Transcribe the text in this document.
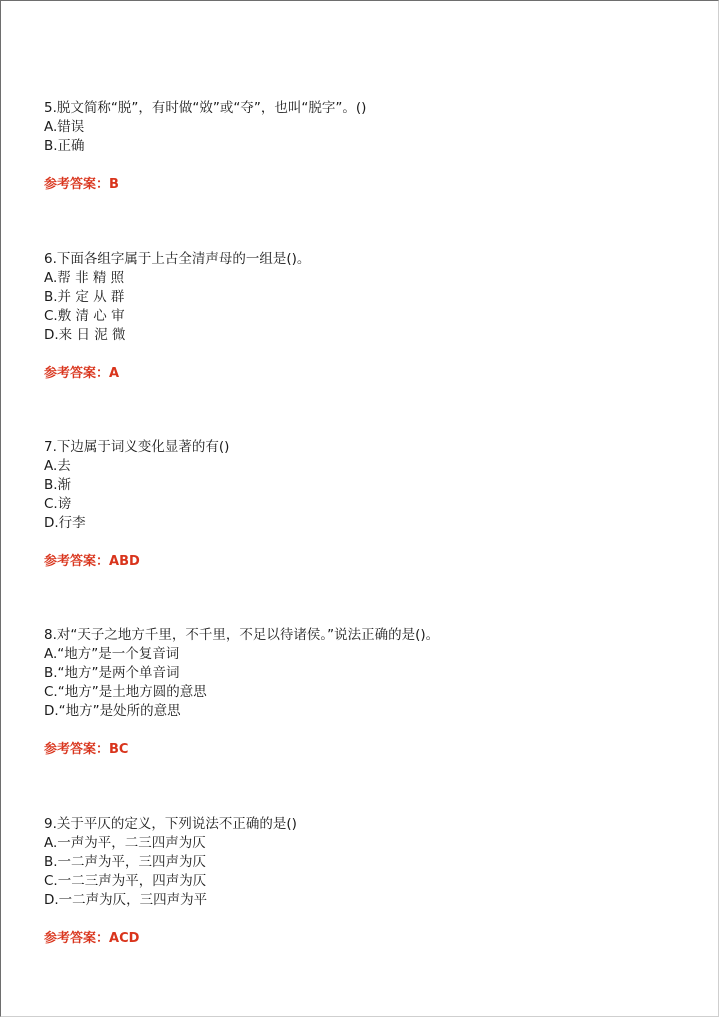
5.脱文简称“脱”，有时做“敚”或“夺”，也叫“脱字”。()
A.错误
B.正确
参考答案：B
6.下面各组字属于上古全清声母的一组是()。
A.帮 非 精 照
B.并 定 从 群
C.敷 清 心 审
D.来 日 泥 微
参考答案：A
7.下边属于词义变化显著的有()
A.去
B.渐
C.谤
D.行李
参考答案：ABD
8.对“天子之地方千里，不千里，不足以待诸侯。”说法正确的是()。
A.“地方”是一个复音词
B.“地方”是两个单音词
C.“地方”是土地方圆的意思
D.“地方”是处所的意思
参考答案：BC
9.关于平仄的定义，下列说法不正确的是()
A.一声为平，二三四声为仄
B.一二声为平，三四声为仄
C.一二三声为平，四声为仄
D.一二声为仄，三四声为平
参考答案：ACD
